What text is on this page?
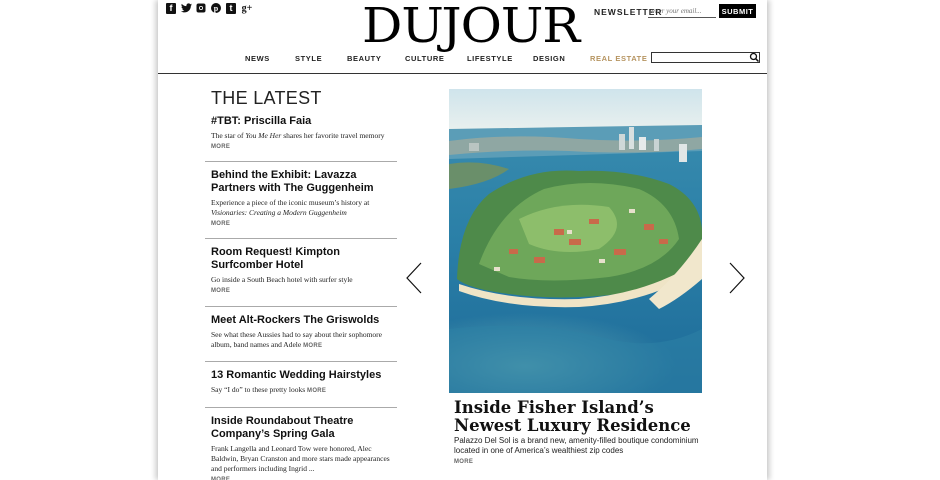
f	p	t g+ DUJOUR NEWSLETTER
enter your email...	SUBMIT
NEWS	STYLE	BEAUTY	CULTURE	LIFESTYLE	DESIGN	REAL ESTATE
THE LATEST
#TBT: Priscilla Faia
The star of You Me Her shares her favorite travel memory MORE
Behind the Exhibit: Lavazza Partners with The Guggenheim
Experience a piece of the iconic museum’s history at Visionaries: Creating a Modern Guggenheim
MORE
Room Request! Kimpton Surfcomber Hotel
Go inside a South Beach hotel with surfer style
MORE
Meet Alt-Rockers The Griswolds
See what these Aussies had to say about their sophomore album, band names and Adele MORE
13 Romantic Wedding Hairstyles
Say “I do” to these pretty looks MORE
Inside Roundabout Theatre Company’s Spring Gala
Frank Langella and Leonard Tow were honored, Alec Baldwin, Bryan Cranston and more stars made appearances and performers including Ingrid ...
MORE
Inside Fisher Island’s Newest Luxury Residence
Palazzo Del Sol is a brand new, amenity-filled boutique condominium located in one of America’s wealthiest zip codes
MORE
